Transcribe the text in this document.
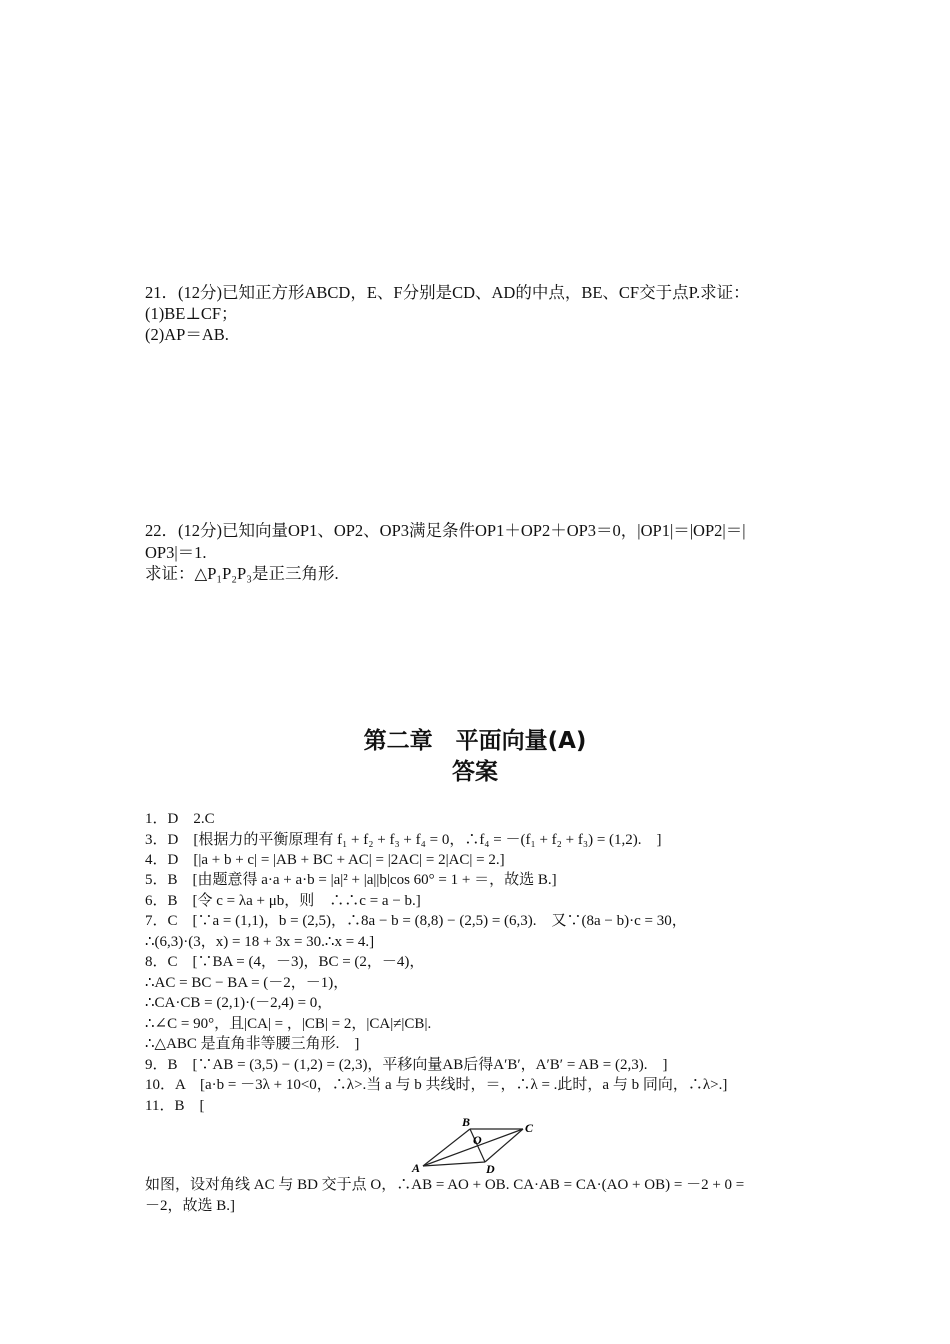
21．(12分)已知正方形ABCD，E、F分别是CD、AD的中点，BE、CF交于点P.求证：
(1)BE⊥CF；
(2)AP＝AB.
22．(12分)已知向量OP1、OP2、OP3满足条件OP1＋OP2＋OP3＝0，|OP1|＝|OP2|＝|
OP3|＝1.
求证：△P₁P₂P₃是正三角形.
第二章　平面向量(A)
答案
1．D　2.C
3．D　[根据力的平衡原理有 f₁ + f₂ + f₃ + f₄ = 0，∴f₄ = －(f₁ + f₂ + f₃) = (1,2).　]
4．D　[|a + b + c| = |AB + BC + AC| = |2AC| = 2|AC| = 2.]
5．B　[由题意得 a·a + a·b = |a|² + |a||b|cos 60° = 1 + ＝，故选 B.]
6．B　[令 c = λa + μb，则　∴∴c = a − b.]
7．C　[∵a = (1,1)，b = (2,5)，∴8a − b = (8,8) − (2,5) = (6,3).　又∵(8a − b)·c = 30，
∴(6,3)·(3，x) = 18 + 3x = 30.∴x = 4.]
8．C　[∵BA = (4，－3)，BC = (2，－4)，
∴AC = BC − BA = (－2，－1)，
∴CA·CB = (2,1)·(－2,4) = 0，
∴∠C = 90°，且|CA| = ，|CB| = 2，|CA|≠|CB|.
∴△ABC 是直角非等腰三角形.　]
9．B　[∵AB = (3,5) − (1,2) = (2,3)，平移向量AB后得A′B′，A′B′ = AB = (2,3).　]
10．A　[a·b = －3λ + 10<0，∴λ>.当 a 与 b 共线时，＝，∴λ = .此时，a 与 b 同向，∴λ>.]
11．B　[
A
B	C
D
O
如图，设对角线 AC 与 BD 交于点 O，∴AB = AO + OB. CA·AB = CA·(AO + OB) = －2 + 0 =
－2，故选 B.]
